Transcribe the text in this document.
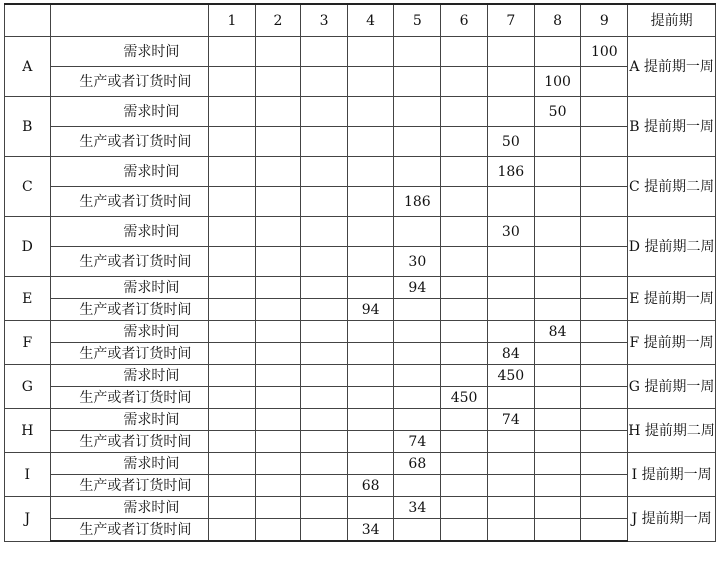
		1	2	3	4	5	6	7	8	9	提前期
A	需求时间									100	A 提前期一周
	生产或者订货时间								100		
B	需求时间								50		B 提前期一周
	生产或者订货时间							50			
C	需求时间							186			C 提前期二周
	生产或者订货时间					186					
D	需求时间							30			D 提前期二周
	生产或者订货时间					30					
E	需求时间					94					E 提前期一周
	生产或者订货时间				94						
F	需求时间								84		F 提前期一周
	生产或者订货时间							84			
G	需求时间							450			G 提前期一周
	生产或者订货时间						450				
H	需求时间							74			H 提前期二周
	生产或者订货时间					74					
I	需求时间					68					I 提前期一周
	生产或者订货时间				68						
J	需求时间					34					J 提前期一周
	生产或者订货时间				34						
